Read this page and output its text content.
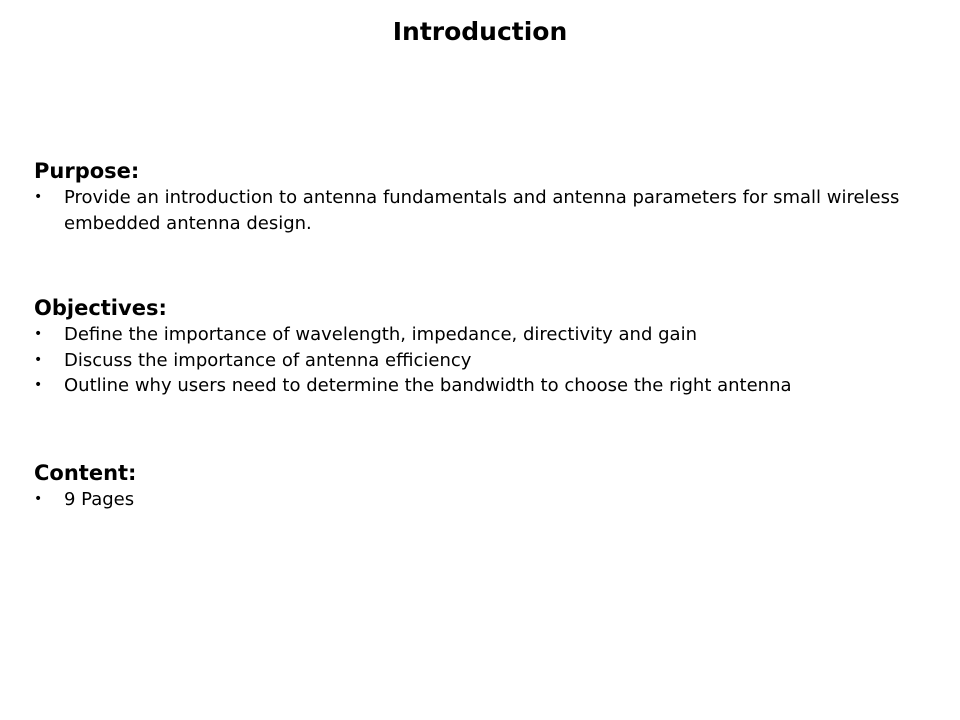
Introduction
Purpose:
• Provide an introduction to antenna fundamentals and antenna parameters for small wireless embedded antenna design.
Objectives:
• Define the importance of wavelength, impedance, directivity and gain
• Discuss the importance of antenna efficiency
• Outline why users need to determine the bandwidth to choose the right antenna
Content:
• 9 Pages
